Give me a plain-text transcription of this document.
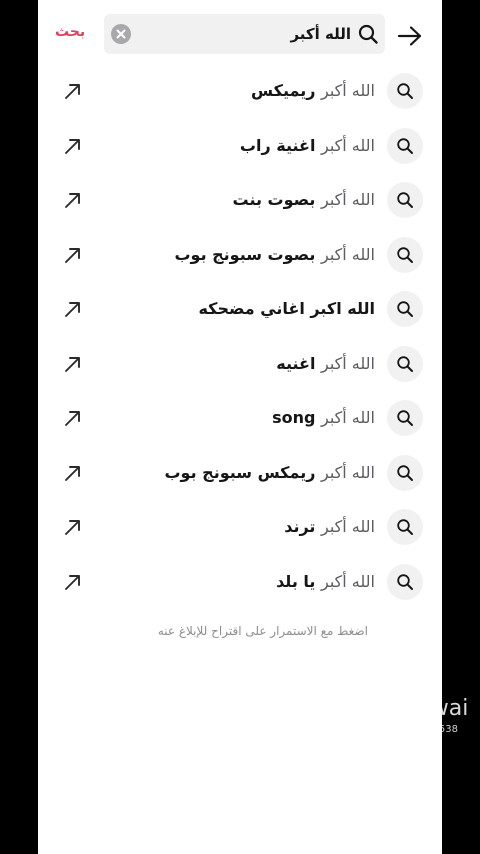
بحث	الله أكبر
الله أكبر ريميكس
الله أكبر اغنية راب
الله أكبر بصوت بنت
الله أكبر بصوت سبونج بوب
الله اكبر اغاني مضحكه
الله أكبر اغنيه
الله أكبر song
الله أكبر ريمكس سبونج بوب
الله أكبر ترند
الله أكبر يا بلد
اضغط مع الاستمرار على اقتراح للإبلاغ عنه
kwai
@a...s538
